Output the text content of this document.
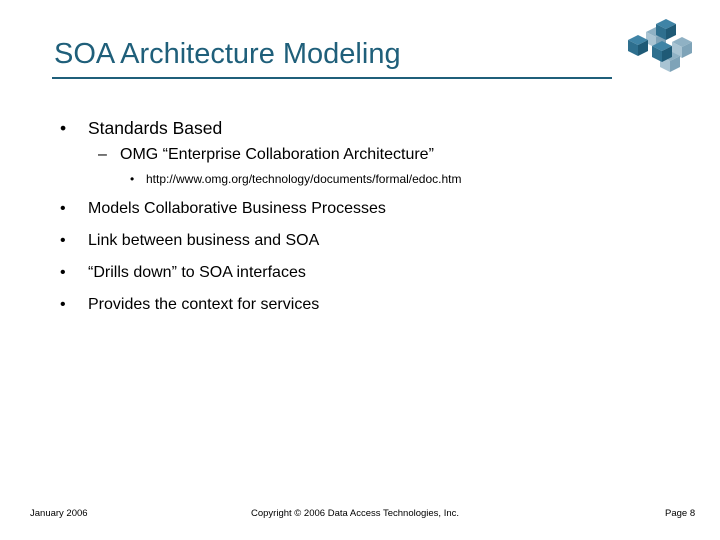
SOA Architecture Modeling
• Standards Based
– OMG “Enterprise Collaboration Architecture”
• http://www.omg.org/technology/documents/formal/edoc.htm
• Models Collaborative Business Processes
• Link between business and SOA
• “Drills down” to SOA interfaces
• Provides the context for services
January 2006	Copyright © 2006 Data Access Technologies, Inc.	Page 8
